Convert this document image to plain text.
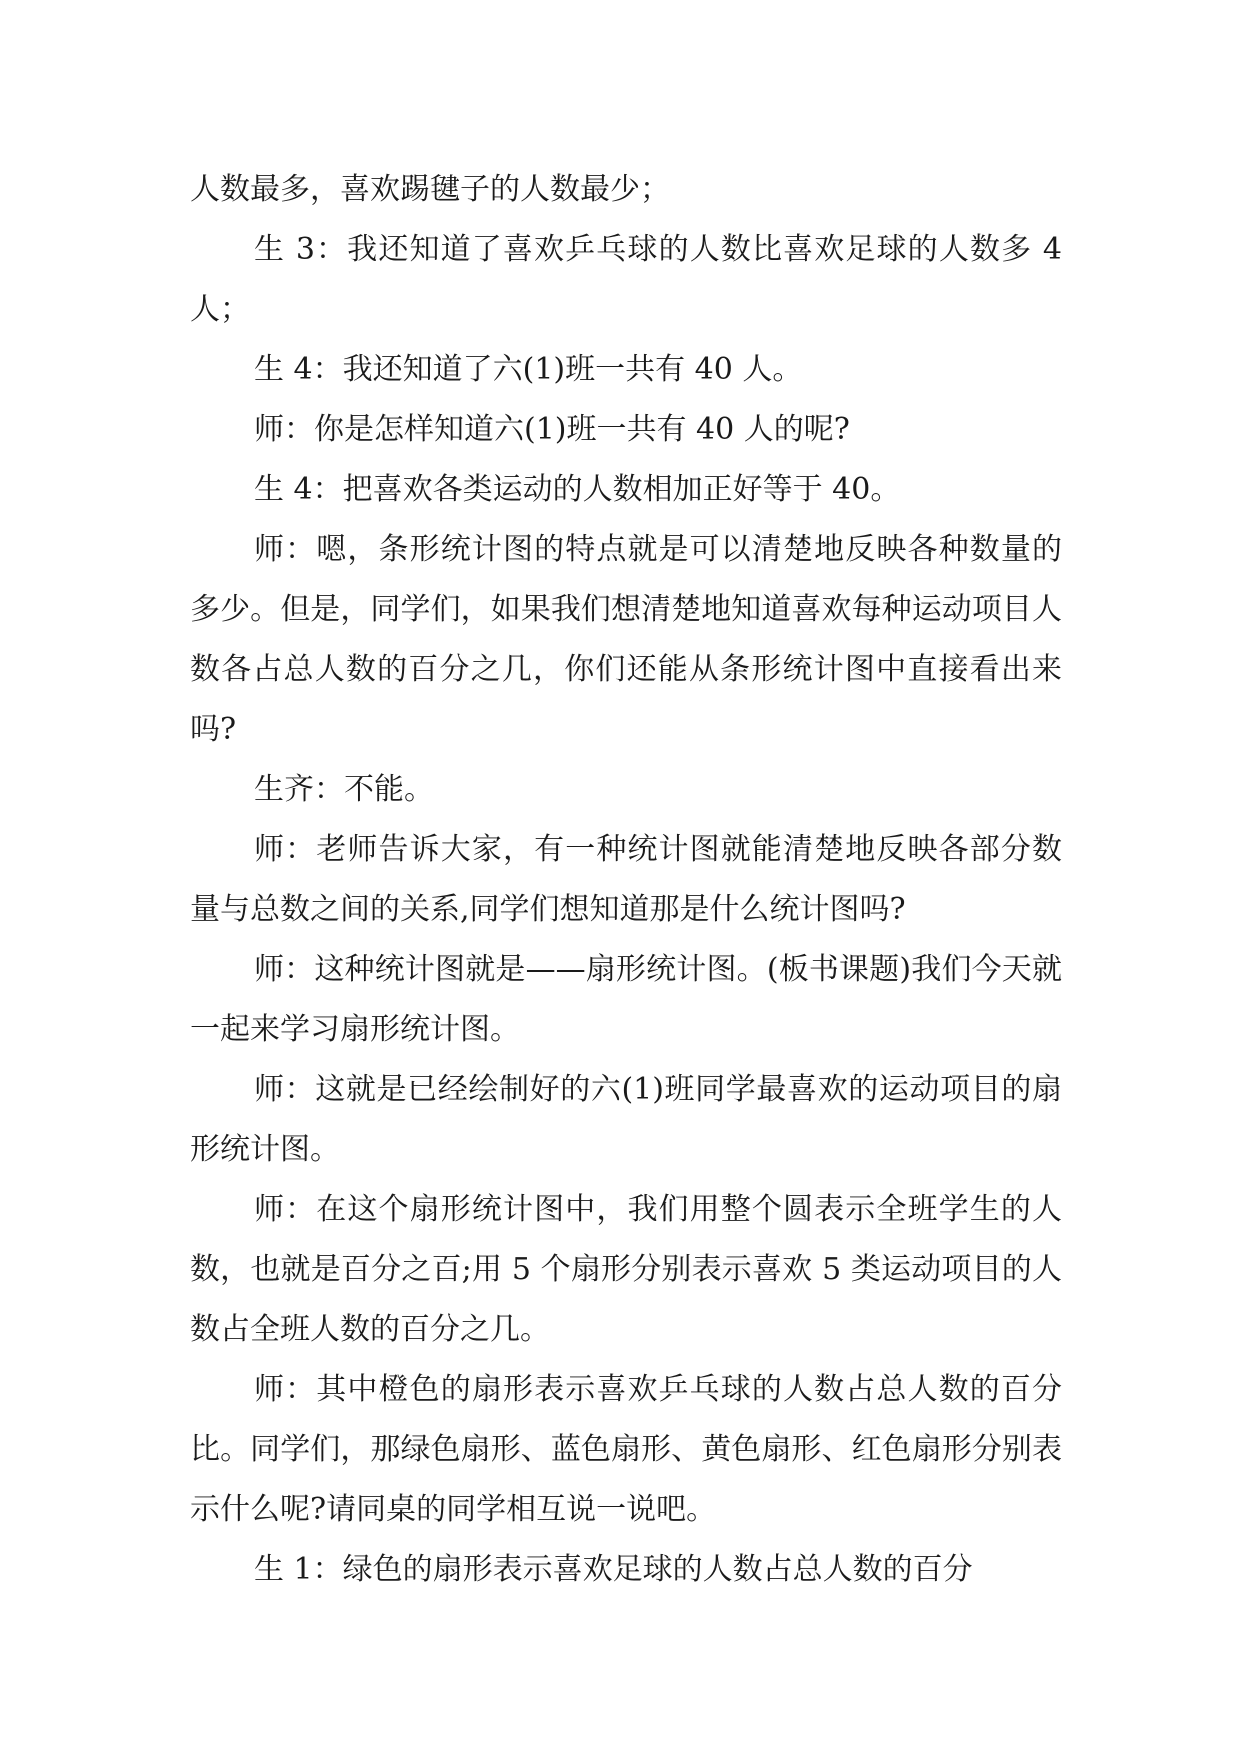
人数最多，喜欢踢毽子的人数最少；

生 3：我还知道了喜欢乒乓球的人数比喜欢足球的人数多 4 人；

生 4：我还知道了六(1)班一共有 40 人。

师：你是怎样知道六(1)班一共有 40 人的呢?

生 4：把喜欢各类运动的人数相加正好等于 40。

师：嗯，条形统计图的特点就是可以清楚地反映各种数量的多少。但是，同学们，如果我们想清楚地知道喜欢每种运动项目人数各占总人数的百分之几，你们还能从条形统计图中直接看出来吗?

生齐：不能。

师：老师告诉大家，有一种统计图就能清楚地反映各部分数量与总数之间的关系,同学们想知道那是什么统计图吗?

师：这种统计图就是——扇形统计图。(板书课题)我们今天就一起来学习扇形统计图。

师：这就是已经绘制好的六(1)班同学最喜欢的运动项目的扇形统计图。

师：在这个扇形统计图中，我们用整个圆表示全班学生的人数，也就是百分之百;用 5 个扇形分别表示喜欢 5 类运动项目的人数占全班人数的百分之几。

师：其中橙色的扇形表示喜欢乒乓球的人数占总人数的百分比。同学们，那绿色扇形、蓝色扇形、黄色扇形、红色扇形分别表示什么呢?请同桌的同学相互说一说吧。

生 1：绿色的扇形表示喜欢足球的人数占总人数的百分
